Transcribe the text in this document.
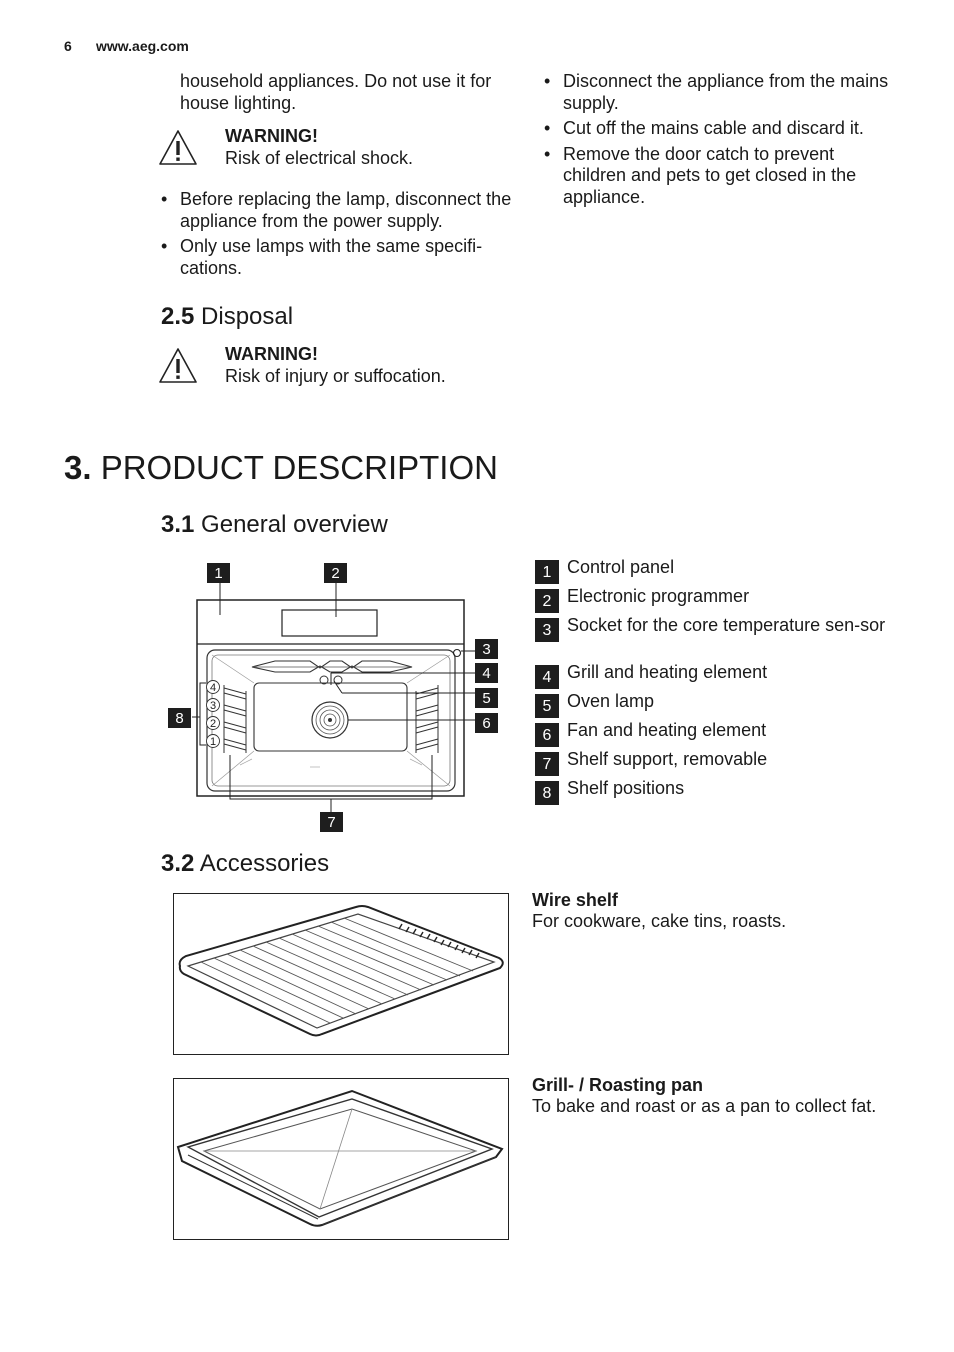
6 www.aeg.com
household appliances. Do not use it for house lighting.
WARNING!
Risk of electrical shock.
• Before replacing the lamp, disconnect the appliance from the power supply.
• Only use lamps with the same specifi-cations.
2.5 Disposal
WARNING!
Risk of injury or suffocation.
• Disconnect the appliance from the mains supply.
• Cut off the mains cable and discard it.
• Remove the door catch to prevent children and pets to get closed in the appliance.
3. PRODUCT DESCRIPTION
3.1 General overview
4
3
2
1
1	2
3
4
5
6
7
8
1 Control panel
2 Electronic programmer
3 Socket for the core temperature sen-sor
4 Grill and heating element
5 Oven lamp
6 Fan and heating element
7 Shelf support, removable
8 Shelf positions
3.2 Accessories
Wire shelf
For cookware, cake tins, roasts.
Grill- / Roasting pan
To bake and roast or as a pan to collect fat.
